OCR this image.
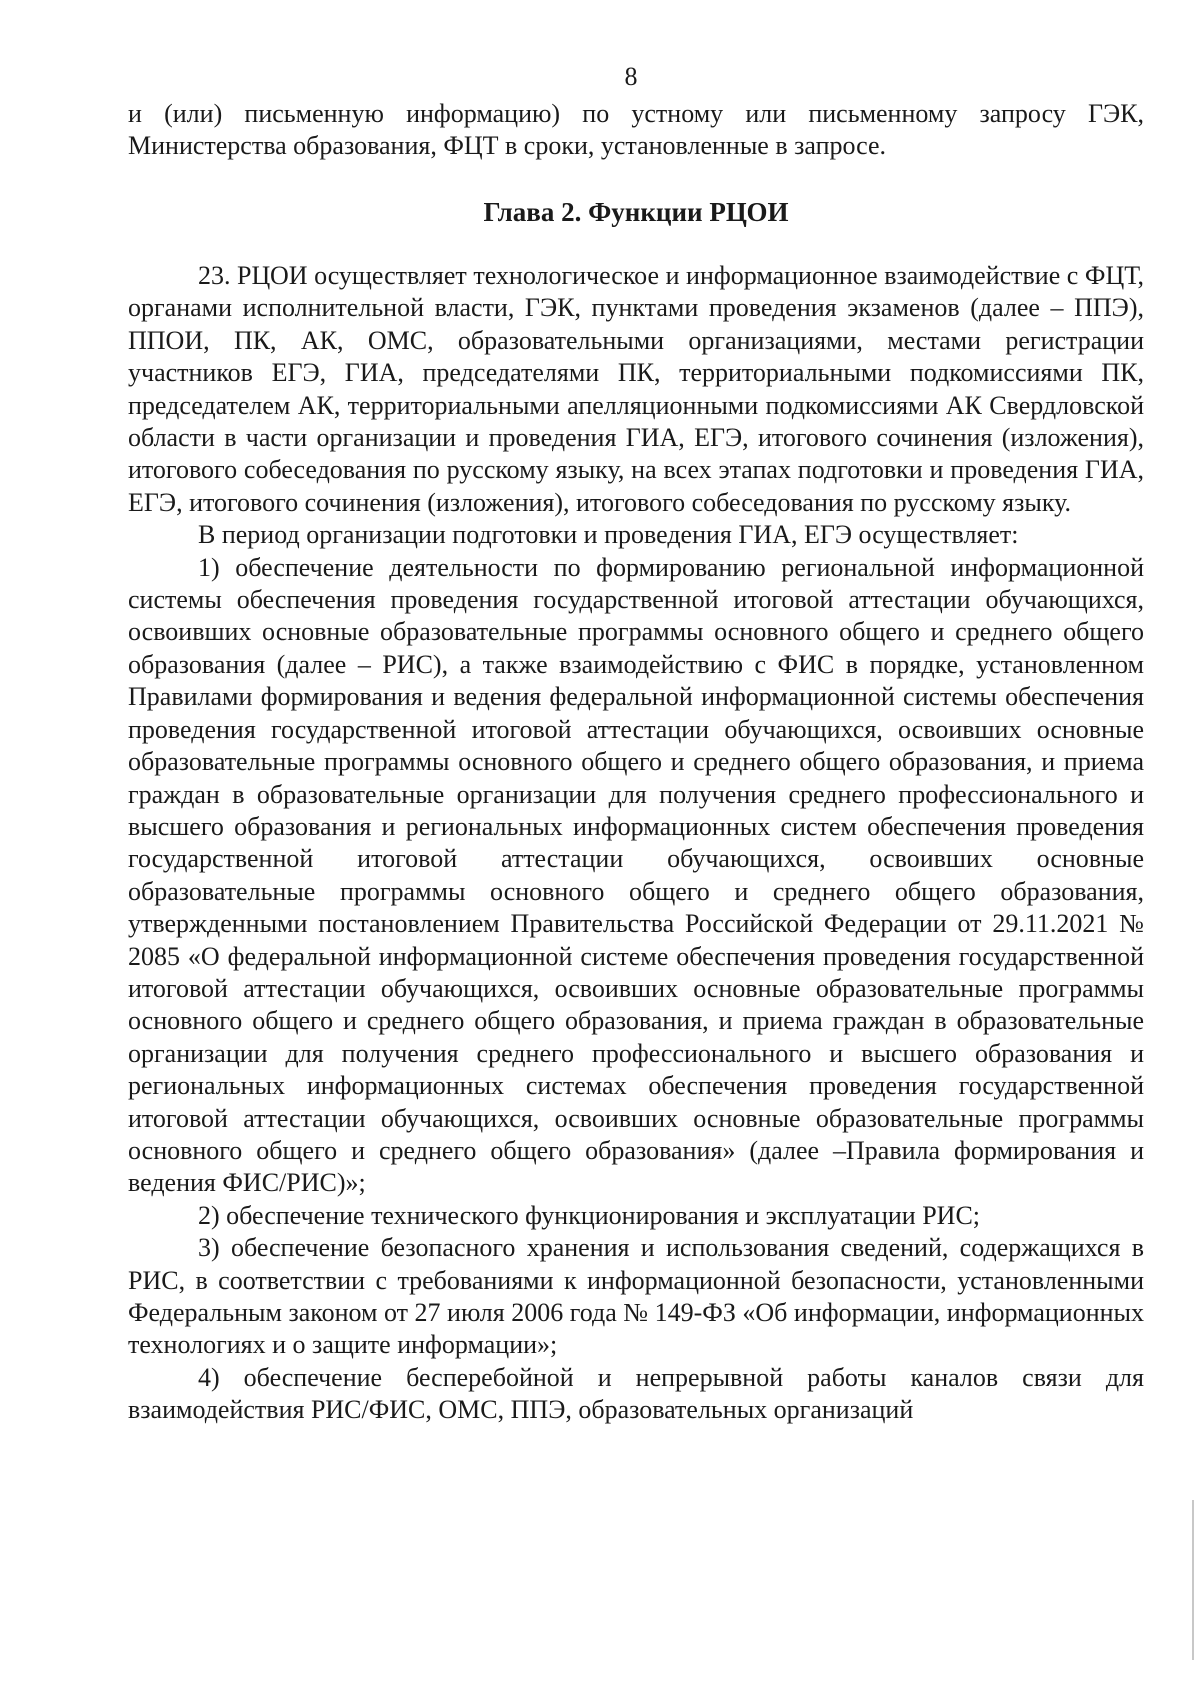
8

и (или) письменную информацию) по устному или письменному запросу ГЭК, Министерства образования, ФЦТ в сроки, установленные в запросе.

Глава 2. Функции РЦОИ

23. РЦОИ осуществляет технологическое и информационное взаимодействие с ФЦТ, органами исполнительной власти, ГЭК, пунктами проведения экзаменов (далее – ППЭ), ППОИ, ПК, АК, ОМС, образовательными организациями, местами регистрации участников ЕГЭ, ГИА, председателями ПК, территориальными подкомиссиями ПК, председателем АК, территориальными апелляционными подкомиссиями АК Свердловской области в части организации и проведения ГИА, ЕГЭ, итогового сочинения (изложения), итогового собеседования по русскому языку, на всех этапах подготовки и проведения ГИА, ЕГЭ, итогового сочинения (изложения), итогового собеседования по русскому языку.

В период организации подготовки и проведения ГИА, ЕГЭ осуществляет:

1) обеспечение деятельности по формированию региональной информационной системы обеспечения проведения государственной итоговой аттестации обучающихся, освоивших основные образовательные программы основного общего и среднего общего образования (далее – РИС), а также взаимодействию с ФИС в порядке, установленном Правилами формирования и ведения федеральной информационной системы обеспечения проведения государственной итоговой аттестации обучающихся, освоивших основные образовательные программы основного общего и среднего общего образования, и приема граждан в образовательные организации для получения среднего профессионального и высшего образования и региональных информационных систем обеспечения проведения государственной итоговой аттестации обучающихся, освоивших основные образовательные программы основного общего и среднего общего образования, утвержденными постановлением Правительства Российской Федерации от 29.11.2021 № 2085 «О федеральной информационной системе обеспечения проведения государственной итоговой аттестации обучающихся, освоивших основные образовательные программы основного общего и среднего общего образования, и приема граждан в образовательные организации для получения среднего профессионального и высшего образования и региональных информационных системах обеспечения проведения государственной итоговой аттестации обучающихся, освоивших основные образовательные программы основного общего и среднего общего образования» (далее –Правила формирования и ведения ФИС/РИС)»;

2) обеспечение технического функционирования и эксплуатации РИС;

3) обеспечение безопасного хранения и использования сведений, содержащихся в РИС, в соответствии с требованиями к информационной безопасности, установленными Федеральным законом от 27 июля 2006 года № 149-ФЗ «Об информации, информационных технологиях и о защите информации»;

4) обеспечение бесперебойной и непрерывной работы каналов связи для взаимодействия РИС/ФИС, ОМС, ППЭ, образовательных организаций
